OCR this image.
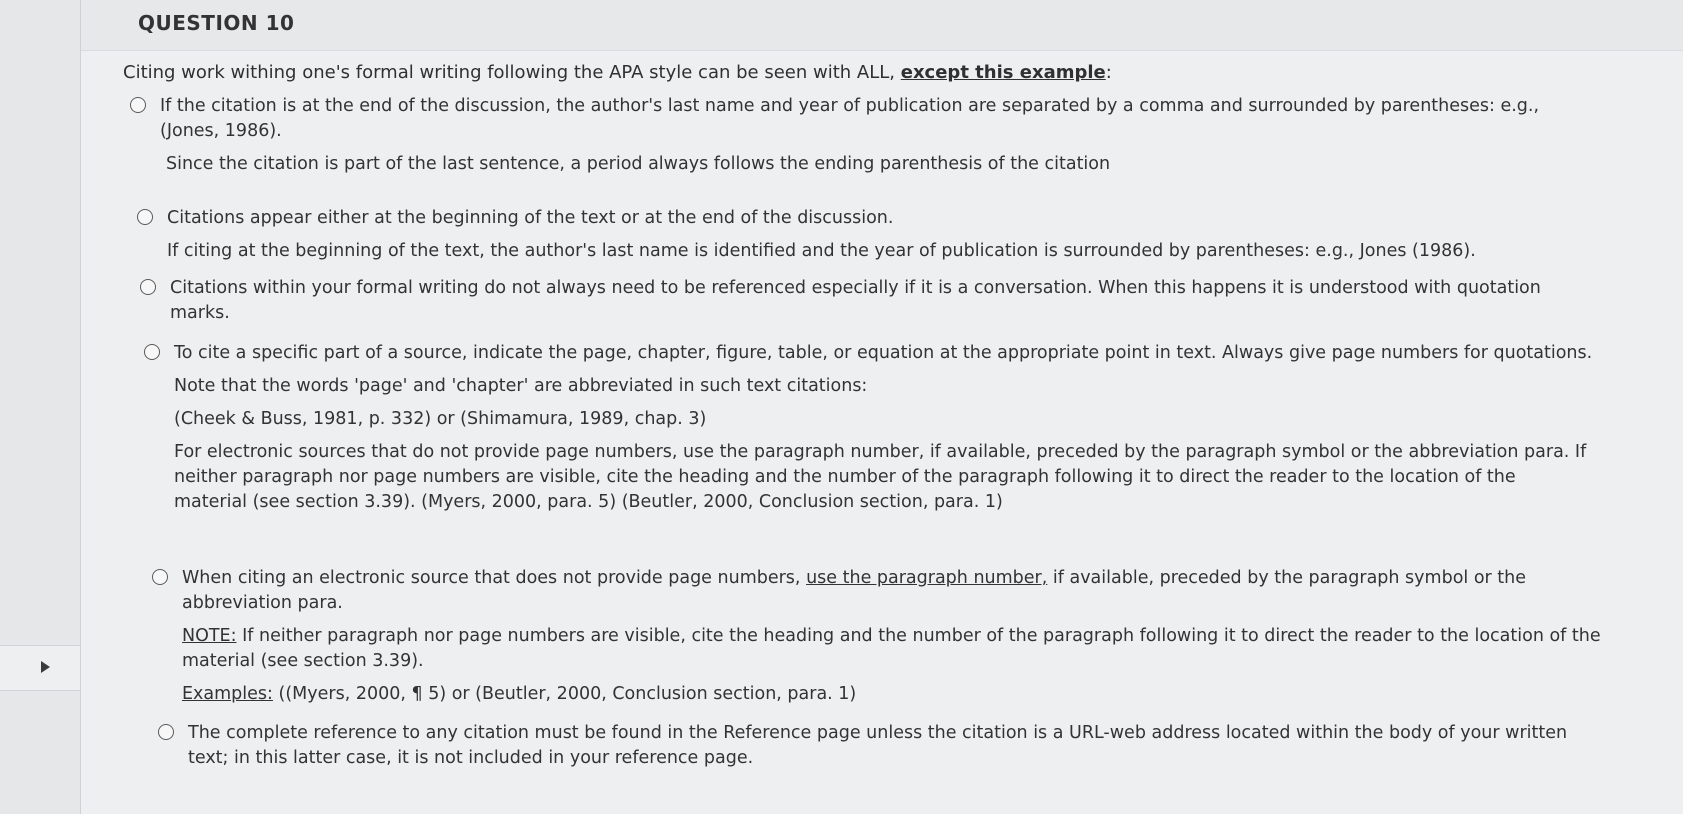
QUESTION 10
Citing work withing one's formal writing following the APA style can be seen with ALL, except this example:

If the citation is at the end of the discussion, the author's last name and year of publication are separated by a comma and surrounded by parentheses: e.g., (Jones, 1986).

Since the citation is part of the last sentence, a period always follows the ending parenthesis of the citation

Citations appear either at the beginning of the text or at the end of the discussion.

If citing at the beginning of the text, the author's last name is identified and the year of publication is surrounded by parentheses: e.g., Jones (1986).

Citations within your formal writing do not always need to be referenced especially if it is a conversation. When this happens it is understood with quotation marks.

To cite a specific part of a source, indicate the page, chapter, figure, table, or equation at the appropriate point in text. Always give page numbers for quotations.

Note that the words 'page' and 'chapter' are abbreviated in such text citations:

(Cheek & Buss, 1981, p. 332) or (Shimamura, 1989, chap. 3)

For electronic sources that do not provide page numbers, use the paragraph number, if available, preceded by the paragraph symbol or the abbreviation para. If neither paragraph nor page numbers are visible, cite the heading and the number of the paragraph following it to direct the reader to the location of the material (see section 3.39). (Myers, 2000, para. 5) (Beutler, 2000, Conclusion section, para. 1)

When citing an electronic source that does not provide page numbers, use the paragraph number, if available, preceded by the paragraph symbol or the abbreviation para.

NOTE: If neither paragraph nor page numbers are visible, cite the heading and the number of the paragraph following it to direct the reader to the location of the material (see section 3.39).

Examples: ((Myers, 2000, ¶ 5) or (Beutler, 2000, Conclusion section, para. 1)

The complete reference to any citation must be found in the Reference page unless the citation is a URL-web address located within the body of your written text; in this latter case, it is not included in your reference page.
